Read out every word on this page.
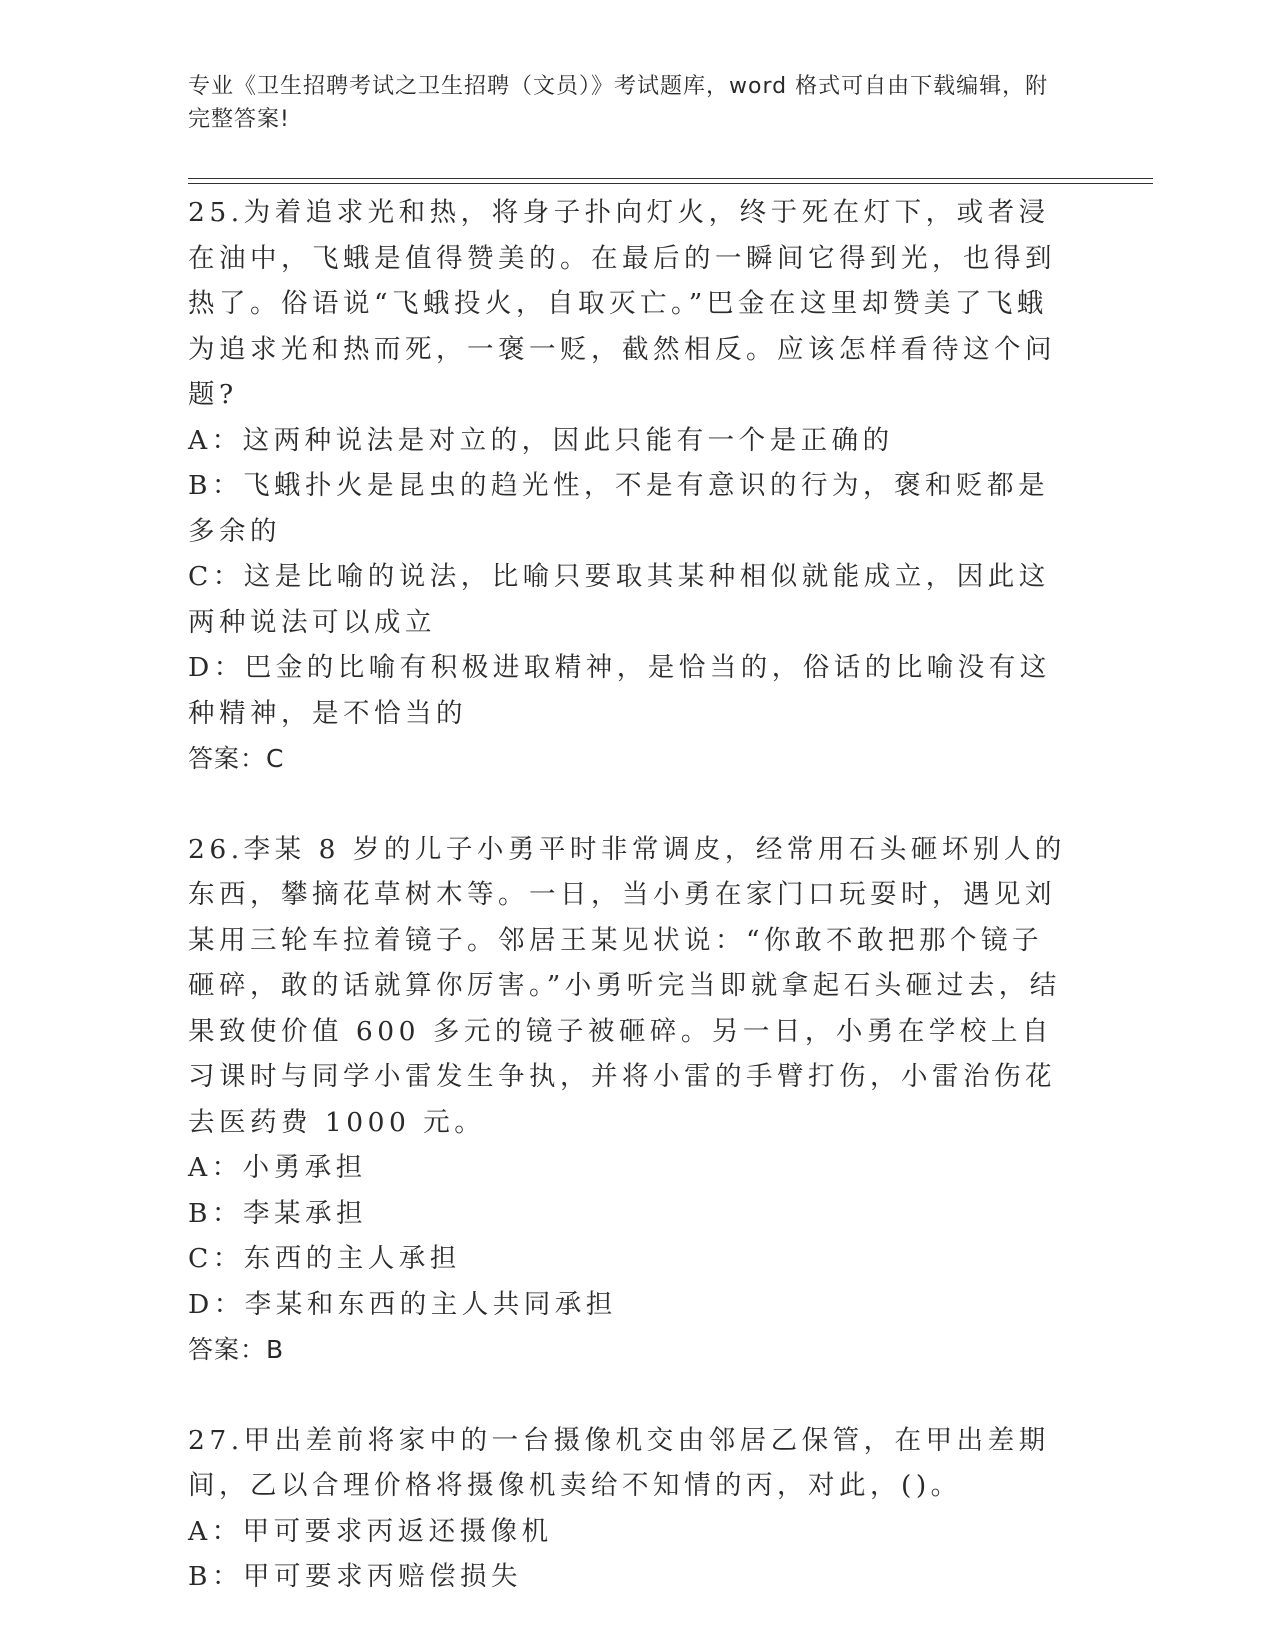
专业《卫生招聘考试之卫生招聘（文员）》考试题库，word 格式可自由下载编辑，附完整答案!

25.为着追求光和热，将身子扑向灯火，终于死在灯下，或者浸在油中，飞蛾是值得赞美的。在最后的一瞬间它得到光，也得到热了。俗语说“飞蛾投火，自取灭亡。”巴金在这里却赞美了飞蛾为追求光和热而死，一褒一贬，截然相反。应该怎样看待这个问题?

A：这两种说法是对立的，因此只能有一个是正确的

B：飞蛾扑火是昆虫的趋光性，不是有意识的行为，褒和贬都是多余的

C：这是比喻的说法，比喻只要取其某种相似就能成立，因此这两种说法可以成立

D：巴金的比喻有积极进取精神，是恰当的，俗话的比喻没有这种精神，是不恰当的

答案：C

26.李某 8 岁的儿子小勇平时非常调皮，经常用石头砸坏别人的东西，攀摘花草树木等。一日，当小勇在家门口玩耍时，遇见刘某用三轮车拉着镜子。邻居王某见状说：“你敢不敢把那个镜子砸碎，敢的话就算你厉害。”小勇听完当即就拿起石头砸过去，结果致使价值 600 多元的镜子被砸碎。另一日，小勇在学校上自习课时与同学小雷发生争执，并将小雷的手臂打伤，小雷治伤花去医药费 1000 元。

A：小勇承担

B：李某承担

C：东西的主人承担

D：李某和东西的主人共同承担

答案：B

27.甲出差前将家中的一台摄像机交由邻居乙保管，在甲出差期间，乙以合理价格将摄像机卖给不知情的丙，对此，()。

A：甲可要求丙返还摄像机

B：甲可要求丙赔偿损失
